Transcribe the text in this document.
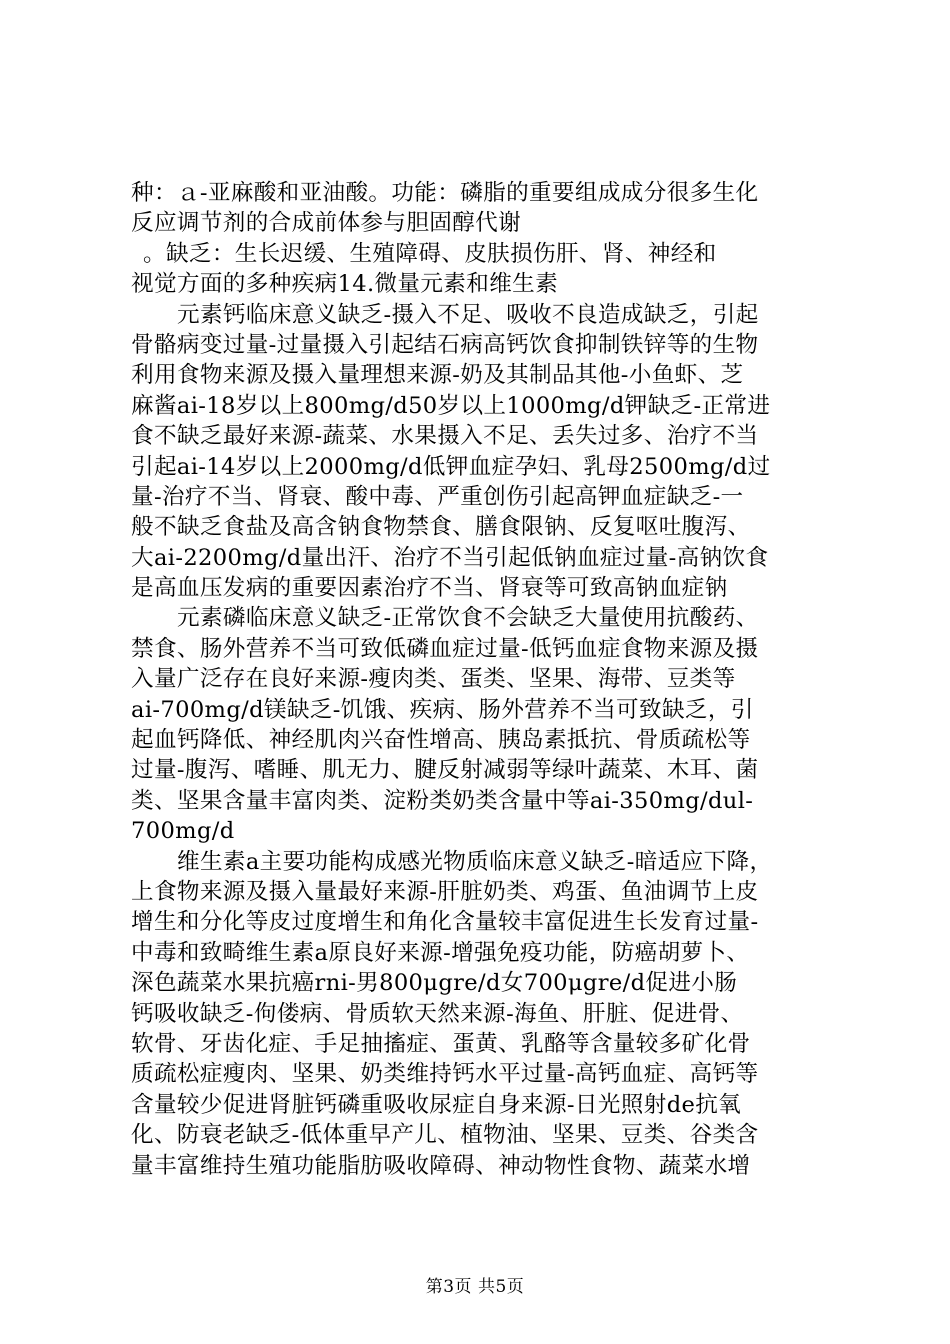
种：ａ-亚麻酸和亚油酸。功能：磷脂的重要组成成分很多生化
反应调节剂的合成前体参与胆固醇代谢
。缺乏：生长迟缓、生殖障碍、皮肤损伤肝、肾、神经和
视觉方面的多种疾病14.微量元素和维生素
元素钙临床意义缺乏-摄入不足、吸收不良造成缺乏，引起
骨骼病变过量-过量摄入引起结石病高钙饮食抑制铁锌等的生物
利用食物来源及摄入量理想来源-奶及其制品其他-小鱼虾、芝
麻酱ai-18岁以上800mg/d50岁以上1000mg/d钾缺乏-正常进
食不缺乏最好来源-蔬菜、水果摄入不足、丢失过多、治疗不当
引起ai-14岁以上2000mg/d低钾血症孕妇、乳母2500mg/d过
量-治疗不当、肾衰、酸中毒、严重创伤引起高钾血症缺乏-一
般不缺乏食盐及高含钠食物禁食、膳食限钠、反复呕吐腹泻、
大ai-2200mg/d量出汗、治疗不当引起低钠血症过量-高钠饮食
是高血压发病的重要因素治疗不当、肾衰等可致高钠血症钠
元素磷临床意义缺乏-正常饮食不会缺乏大量使用抗酸药、
禁食、肠外营养不当可致低磷血症过量-低钙血症食物来源及摄
入量广泛存在良好来源-瘦肉类、蛋类、坚果、海带、豆类等
ai-700mg/d镁缺乏-饥饿、疾病、肠外营养不当可致缺乏，引
起血钙降低、神经肌肉兴奋性增高、胰岛素抵抗、骨质疏松等
过量-腹泻、嗜睡、肌无力、腱反射减弱等绿叶蔬菜、木耳、菌
类、坚果含量丰富肉类、淀粉类奶类含量中等ai-350mg/dul-
700mg/d
维生素a主要功能构成感光物质临床意义缺乏-暗适应下降，
上食物来源及摄入量最好来源-肝脏奶类、鸡蛋、鱼油调节上皮
增生和分化等皮过度增生和角化含量较丰富促进生长发育过量-
中毒和致畸维生素a原良好来源-增强免疫功能，防癌胡萝卜、
深色蔬菜水果抗癌rni-男800μgre/d女700μgre/d促进小肠
钙吸收缺乏-佝偻病、骨质软天然来源-海鱼、肝脏、促进骨、
软骨、牙齿化症、手足抽搐症、蛋黄、乳酪等含量较多矿化骨
质疏松症瘦肉、坚果、奶类维持钙水平过量-高钙血症、高钙等
含量较少促进肾脏钙磷重吸收尿症自身来源-日光照射de抗氧
化、防衰老缺乏-低体重早产儿、植物油、坚果、豆类、谷类含
量丰富维持生殖功能脂肪吸收障碍、神动物性食物、蔬菜水增
第3页 共5页
